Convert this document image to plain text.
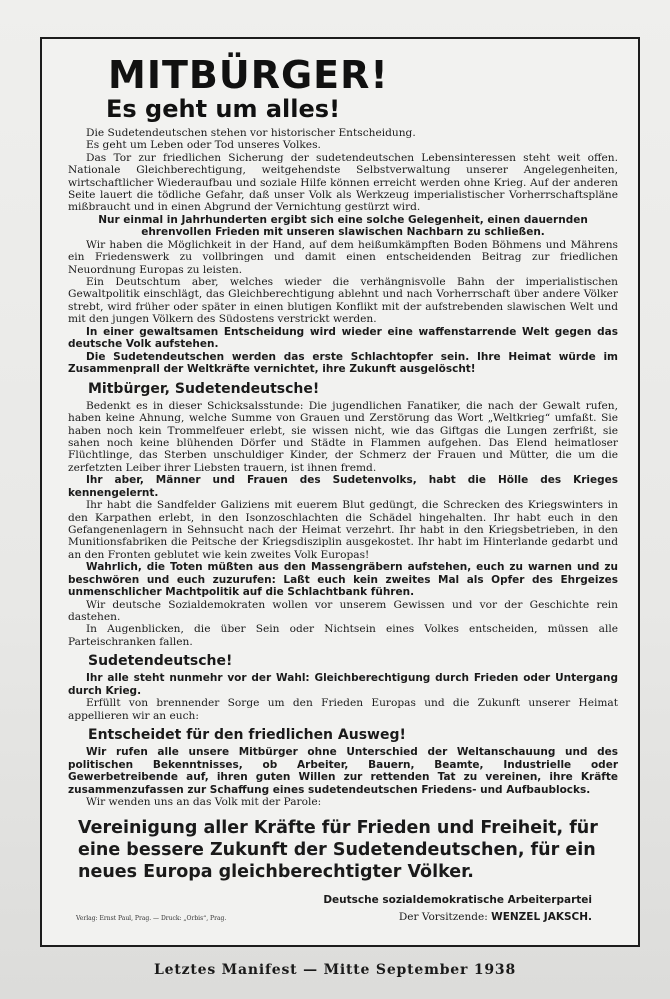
MITBÜRGER!
Es geht um alles!

Die Sudetendeutschen stehen vor historischer Entscheidung.

Es geht um Leben oder Tod unseres Volkes.

Das Tor zur friedlichen Sicherung der sudetendeutschen Lebensinteressen steht weit offen. Nationale Gleichberechtigung, weitgehendste Selbstverwaltung unserer Angelegenheiten, wirtschaftlicher Wiederaufbau und soziale Hilfe können erreicht werden ohne Krieg. Auf der anderen Seite lauert die tödliche Gefahr, daß unser Volk als Werkzeug imperialistischer Vorherrschaftspläne mißbraucht und in einen Abgrund der Vernichtung gestürzt wird.

Nur einmal in Jahrhunderten ergibt sich eine solche Gelegenheit, einen dauernden ehrenvollen Frieden mit unseren slawischen Nachbarn zu schließen.

Wir haben die Möglichkeit in der Hand, auf dem heißumkämpften Boden Böhmens und Mährens ein Friedenswerk zu vollbringen und damit einen entscheidenden Beitrag zur friedlichen Neuordnung Europas zu leisten.

Ein Deutschtum aber, welches wieder die verhängnisvolle Bahn der imperialistischen Gewaltpolitik einschlägt, das Gleichberechtigung ablehnt und nach Vorherrschaft über andere Völker strebt, wird früher oder später in einen blutigen Konflikt mit der aufstrebenden slawischen Welt und mit den jungen Völkern des Südostens verstrickt werden.

In einer gewaltsamen Entscheidung wird wieder eine waffenstarrende Welt gegen das deutsche Volk aufstehen.

Die Sudetendeutschen werden das erste Schlachtopfer sein. Ihre Heimat würde im Zusammenprall der Weltkräfte vernichtet, ihre Zukunft ausgelöscht!

Mitbürger, Sudetendeutsche!

Bedenkt es in dieser Schicksalsstunde: Die jugendlichen Fanatiker, die nach der Gewalt rufen, haben keine Ahnung, welche Summe von Grauen und Zerstörung das Wort „Weltkrieg“ umfaßt. Sie haben noch kein Trommelfeuer erlebt, sie wissen nicht, wie das Giftgas die Lungen zerfrißt, sie sahen noch keine blühenden Dörfer und Städte in Flammen aufgehen. Das Elend heimatloser Flüchtlinge, das Sterben unschuldiger Kinder, der Schmerz der Frauen und Mütter, die um die zerfetzten Leiber ihrer Liebsten trauern, ist ihnen fremd.

Ihr aber, Männer und Frauen des Sudetenvolks, habt die Hölle des Krieges kennengelernt.

Ihr habt die Sandfelder Galiziens mit euerem Blut gedüngt, die Schrecken des Kriegswinters in den Karpathen erlebt, in den Isonzoschlachten die Schädel hingehalten. Ihr habt euch in den Gefangenenlagern in Sehnsucht nach der Heimat verzehrt. Ihr habt in den Kriegsbetrieben, in den Munitionsfabriken die Peitsche der Kriegsdisziplin ausgekostet. Ihr habt im Hinterlande gedarbt und an den Fronten geblutet wie kein zweites Volk Europas!

Wahrlich, die Toten müßten aus den Massengräbern aufstehen, euch zu warnen und zu beschwören und euch zuzurufen: Laßt euch kein zweites Mal als Opfer des Ehrgeizes unmenschlicher Machtpolitik auf die Schlachtbank führen.

Wir deutsche Sozialdemokraten wollen vor unserem Gewissen und vor der Geschichte rein dastehen.

In Augenblicken, die über Sein oder Nichtsein eines Volkes entscheiden, müssen alle Parteischranken fallen.

Sudetendeutsche!

Ihr alle steht nunmehr vor der Wahl: Gleichberechtigung durch Frieden oder Untergang durch Krieg.

Erfüllt von brennender Sorge um den Frieden Europas und die Zukunft unserer Heimat appellieren wir an euch:

Entscheidet für den friedlichen Ausweg!

Wir rufen alle unsere Mitbürger ohne Unterschied der Weltanschauung und des politischen Bekenntnisses, ob Arbeiter, Bauern, Beamte, Industrielle oder Gewerbetreibende auf, ihren guten Willen zur rettenden Tat zu vereinen, ihre Kräfte zusammenzufassen zur Schaffung eines sudetendeutschen Friedens- und Aufbaublocks.

Wir wenden uns an das Volk mit der Parole:

Vereinigung aller Kräfte für Frieden und Freiheit, für eine bessere Zukunft der Sudetendeutschen, für ein neues Europa gleichberechtigter Völker.
Deutsche sozialdemokratische Arbeiterpartei
Verlag: Ernst Paul, Prag. — Druck: „Orbis“, Prag.	Der Vorsitzende: WENZEL JAKSCH.
Letztes Manifest — Mitte September 1938
